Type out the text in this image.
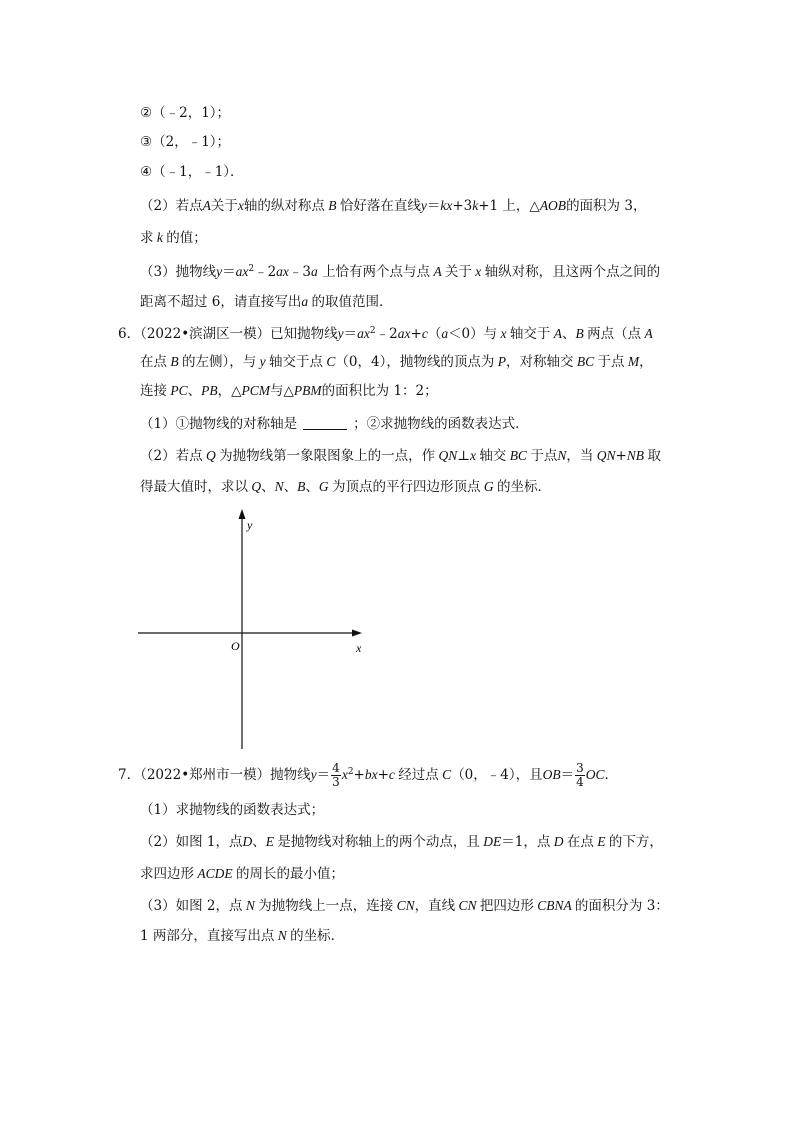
②（﹣2，1）；
③（2，﹣1）；
④（﹣1，﹣1）．
（2）若点A关于x轴的纵对称点 B 恰好落在直线y＝kx+3k+1 上，△AOB的面积为 3，
求 k 的值；
（3）抛物线$y=ax^2﹣2ax﹣3a$ 上恰有两个点与点 A 关于 x 轴纵对称，且这两个点之间的
距离不超过 6，请直接写出a 的取值范围．
6．（2022•滨湖区一模）已知抛物线$y=ax^2﹣2ax+c(a<0)$与 x 轴交于 A、B 两点（点 A
在点 B 的左侧），与 y 轴交于点 C（0，4），抛物线的顶点为 P，对称轴交 BC 于点 M，
连接 PC、PB，△PCM与△PBM的面积比为 1：2；
（1）①抛物线的对称轴是	；②求抛物线的函数表达式．
（2）若点 Q 为抛物线第一象限图象上的一点，作 QN⊥x 轴交 BC 于点N，当 QN+NB 取
得最大值时，求以 Q、N、B、G 为顶点的平行四边形顶点 G 的坐标．
y
x
O
7．（2022•郑州市一模）抛物线$y= \frac{4}{3} x^2+bx+c$ 经过点 C（0，﹣4），且$OB= \frac{3}{4}$ OC．
（1）求抛物线的函数表达式；
（2）如图 1，点D、E 是抛物线对称轴上的两个动点，且 DE＝1，点 D 在点 E 的下方，
求四边形 ACDE 的周长的最小值；
（3）如图 2，点 N 为抛物线上一点，连接 CN，直线 CN 把四边形 CBNA 的面积分为 3：
1 两部分，直接写出点 N 的坐标．
